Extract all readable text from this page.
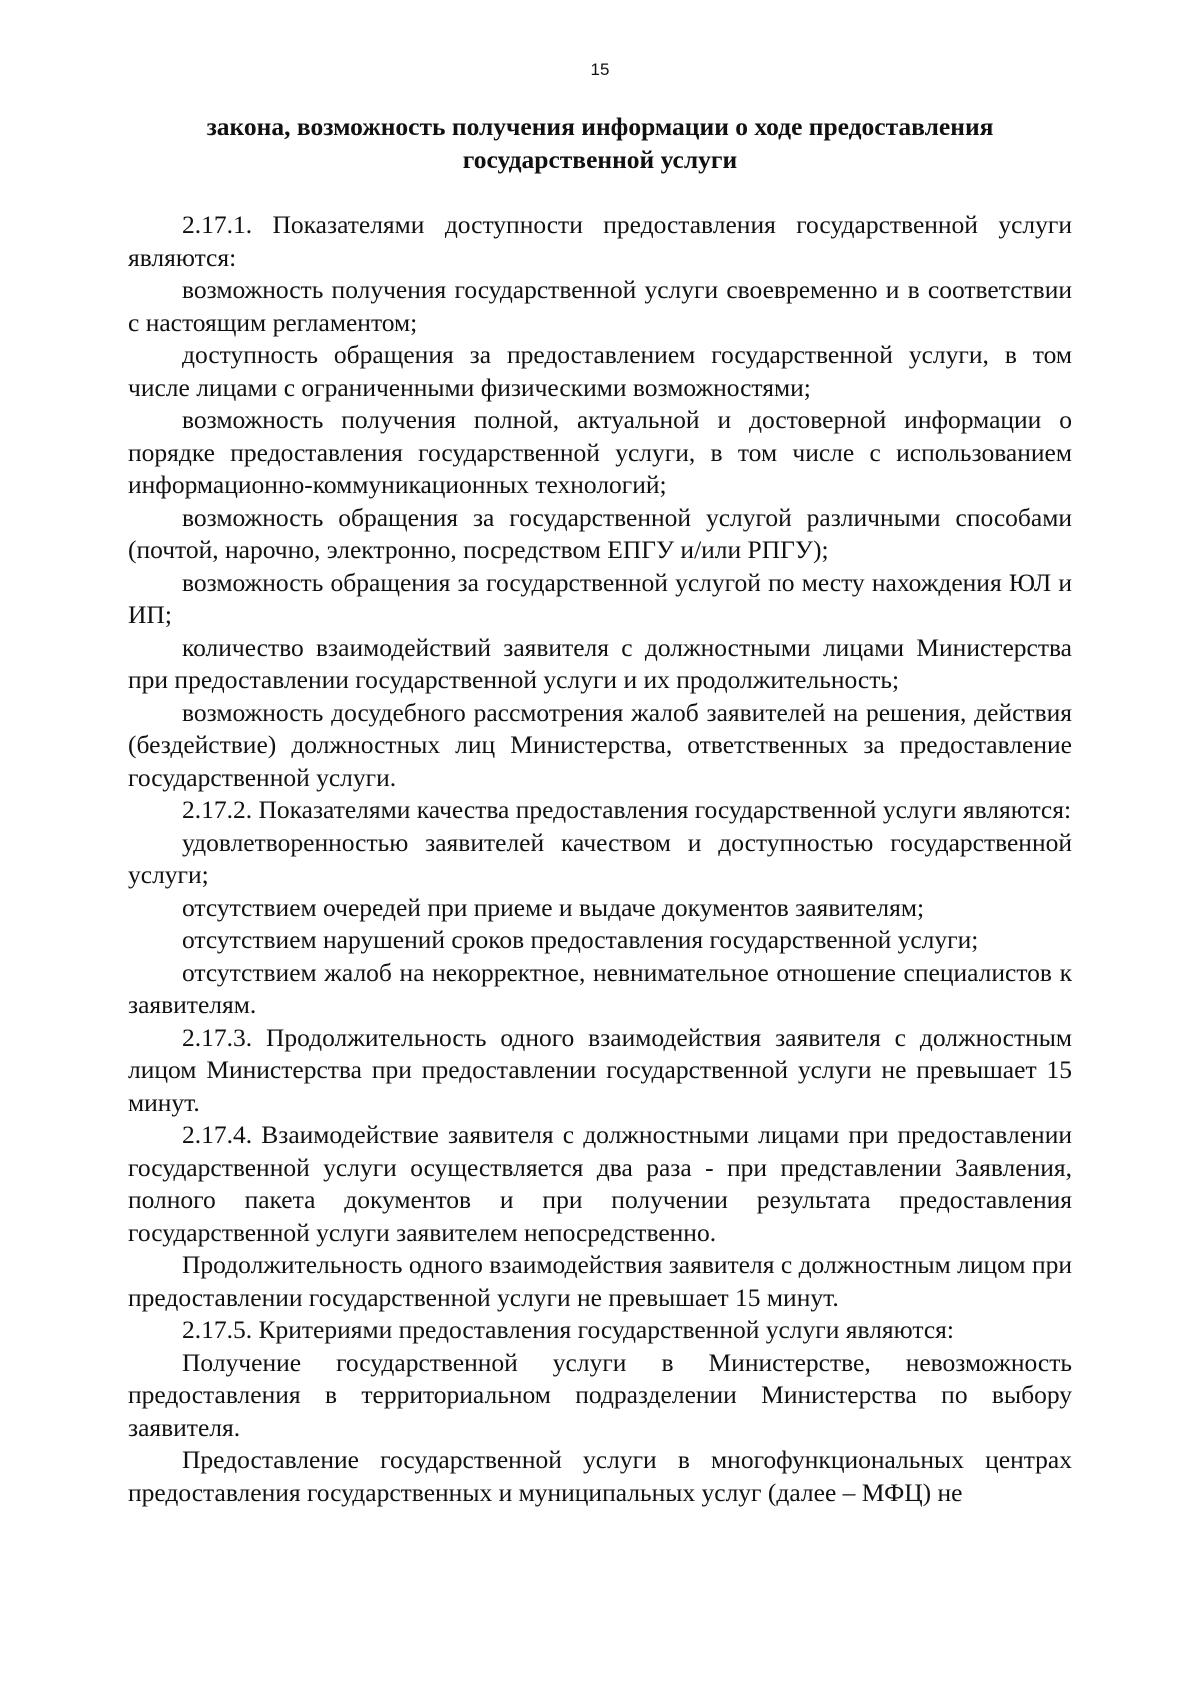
15
закона, возможность получения информации о ходе предоставления
государственной услуги

2.17.1. Показателями доступности предоставления государственной услуги являются:

возможность получения государственной услуги своевременно и в соответствии с настоящим регламентом;

доступность обращения за предоставлением государственной услуги, в том числе лицами с ограниченными физическими возможностями;

возможность получения полной, актуальной и достоверной информации о порядке предоставления государственной услуги, в том числе с использованием информационно-коммуникационных технологий;

возможность обращения за государственной услугой различными способами (почтой, нарочно, электронно, посредством ЕПГУ и/или РПГУ);

возможность обращения за государственной услугой по месту нахождения ЮЛ и ИП;

количество взаимодействий заявителя с должностными лицами Министерства при предоставлении государственной услуги и их продолжительность;

возможность досудебного рассмотрения жалоб заявителей на решения, действия (бездействие) должностных лиц Министерства, ответственных за предоставление государственной услуги.

2.17.2. Показателями качества предоставления государственной услуги являются:

удовлетворенностью заявителей качеством и доступностью государственной услуги;

отсутствием очередей при приеме и выдаче документов заявителям;

отсутствием нарушений сроков предоставления государственной услуги;

отсутствием жалоб на некорректное, невнимательное отношение специалистов к заявителям.

2.17.3. Продолжительность одного взаимодействия заявителя с должностным лицом Министерства при предоставлении государственной услуги не превышает 15 минут.

2.17.4. Взаимодействие заявителя с должностными лицами при предоставлении государственной услуги осуществляется два раза - при представлении Заявления, полного пакета документов и при получении результата предоставления государственной услуги заявителем непосредственно.

Продолжительность одного взаимодействия заявителя с должностным лицом при предоставлении государственной услуги не превышает 15 минут.

2.17.5. Критериями предоставления государственной услуги являются:

Получение государственной услуги в Министерстве, невозможность предоставления в территориальном подразделении Министерства по выбору заявителя.

Предоставление государственной услуги в многофункциональных центрах предоставления государственных и муниципальных услуг (далее – МФЦ) не
